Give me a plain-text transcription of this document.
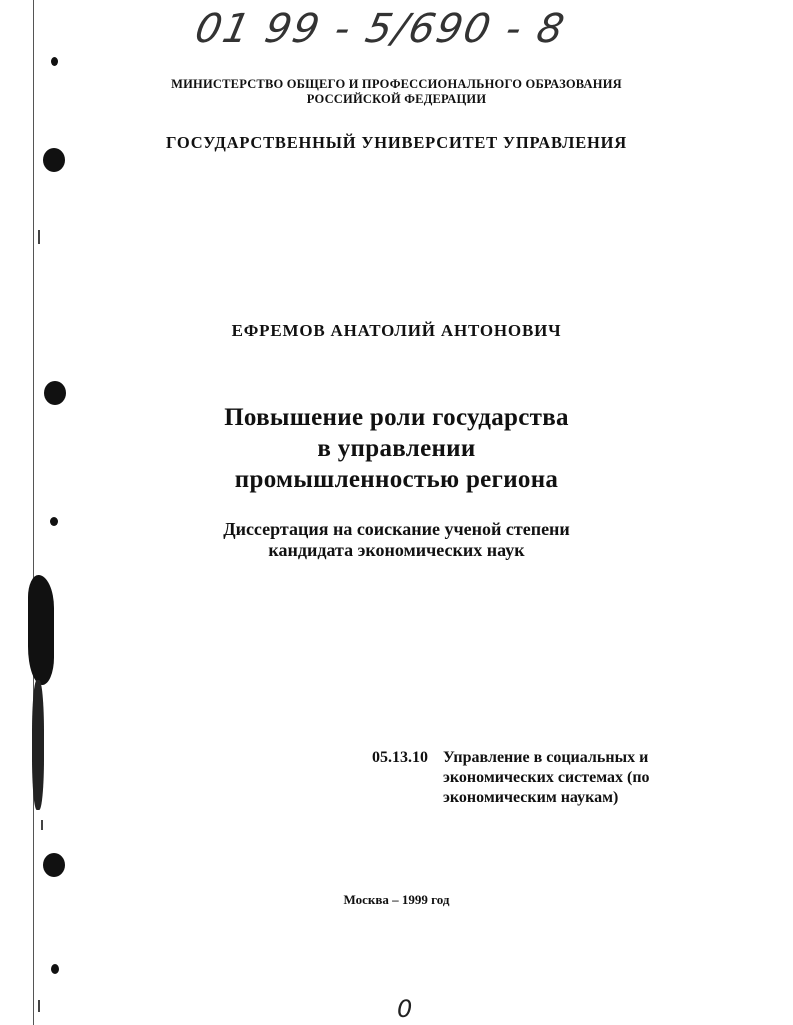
01 99 - 5/690 - 8
МИНИСТЕРСТВО ОБЩЕГО И ПРОФЕССИОНАЛЬНОГО ОБРАЗОВАНИЯ
РОССИЙСКОЙ ФЕДЕРАЦИИ
ГОСУДАРСТВЕННЫЙ УНИВЕРСИТЕТ УПРАВЛЕНИЯ
ЕФРЕМОВ АНАТОЛИЙ АНТОНОВИЧ
Повышение роли государства
в управлении
промышленностью региона
Диссертация на соискание ученой степени
кандидата экономических наук
05.13.10 Управление в социальных и
экономических системах (по
экономическим наукам)
Москва – 1999 год
0
